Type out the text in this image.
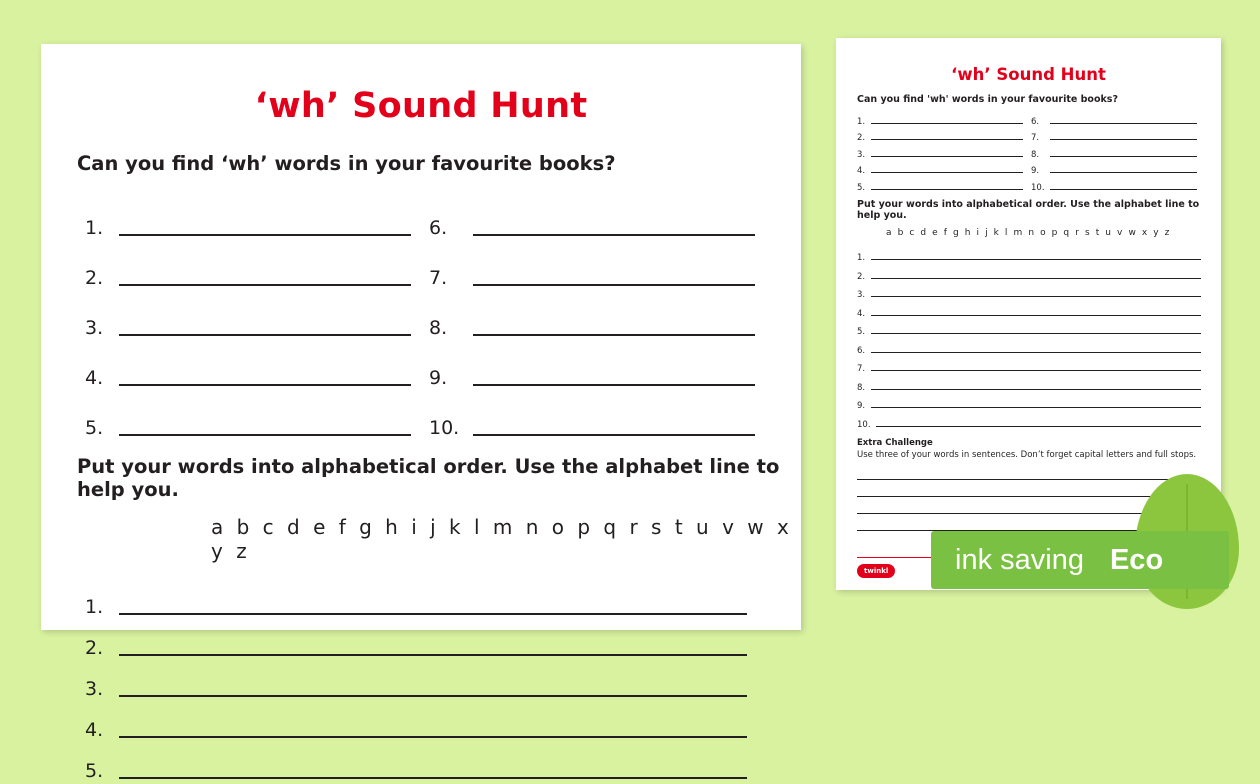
‘wh’ Sound Hunt
Can you find ‘wh’ words in your favourite books?
1.
2.
3.
4.
5.
6.
7.
8.
9.
10.
Put your words into alphabetical order. Use the alphabet line to help you.
a b c d e f g h i j k l m n o p q r s t u v w x y z
1.
2.
3.
4.
5.
‘wh’ Sound Hunt
Can you find 'wh' words in your favourite books?
1.
2.
3.
4.
5.
6.
7.
8.
9.
10.
Put your words into alphabetical order. Use the alphabet line to help you.
a b c d e f g h i j k l m n o p q r s t u v w x y z
1.
2.
3.
4.
5.
6.
7.
8.
9.
10.
Extra Challenge
Use three of your words in sentences. Don’t forget capital letters and full stops.
twinkl ink saving Eco
